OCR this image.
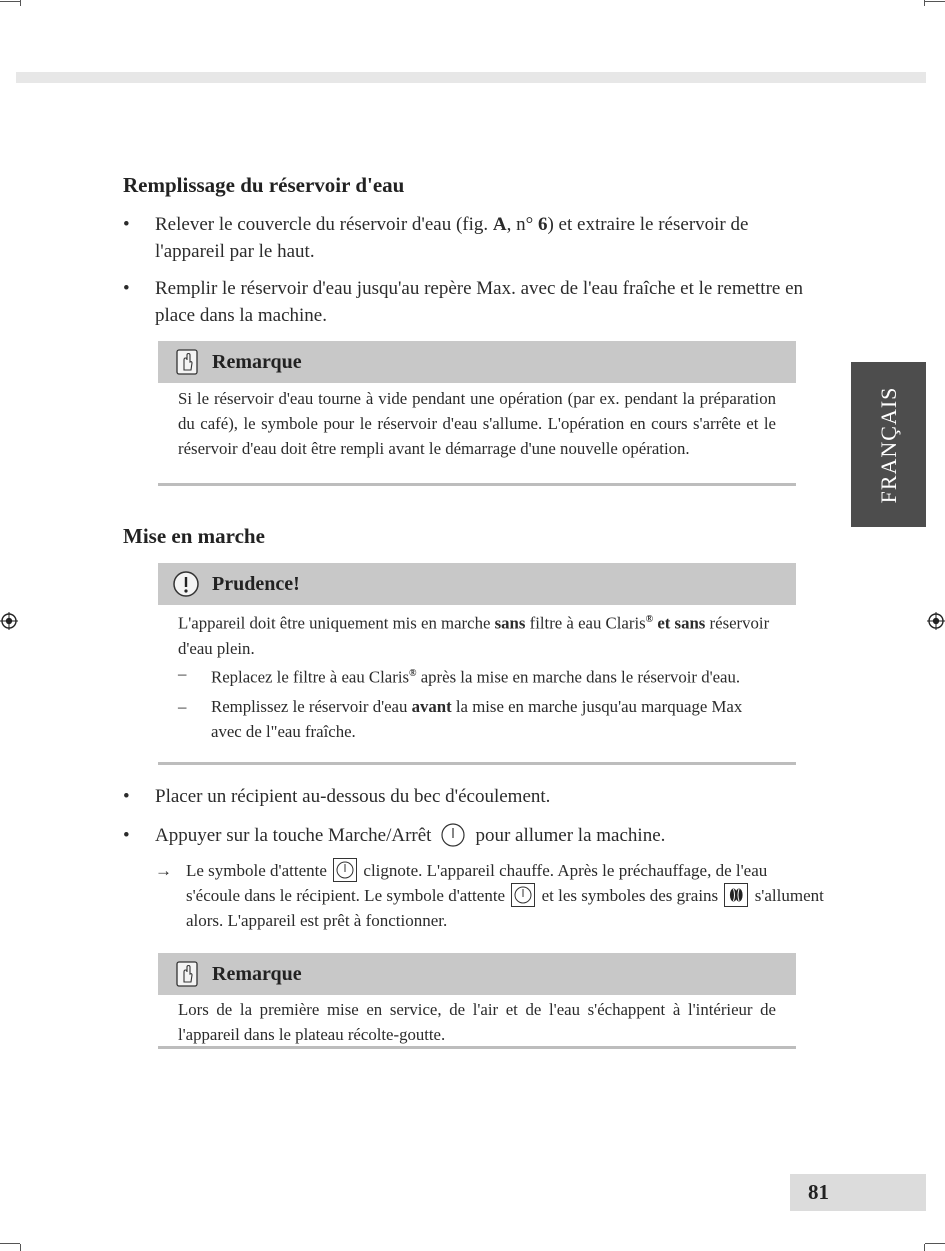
FRANÇAIS
Remplissage du réservoir d'eau
• Relever le couvercle du réservoir d'eau (fig. A, n° 6) et extraire le réservoir de l'appareil par le haut.
• Remplir le réservoir d'eau jusqu'au repère Max. avec de l'eau fraîche et le remettre en place dans la machine.
Remarque
Si le réservoir d'eau tourne à vide pendant une opération (par ex. pendant la préparation du café), le symbole pour le réservoir d'eau s'allume. L'opération en cours s'arrête et le réservoir d'eau doit être rempli avant le démarrage d'une nouvelle opération.
Mise en marche
Prudence!
L'appareil doit être uniquement mis en marche sans filtre à eau Claris® et sans réservoir d'eau plein.
– Replacez le filtre à eau Claris® après la mise en marche dans le réservoir d'eau.
– Remplissez le réservoir d'eau avant la mise en marche jusqu'au marquage Max avec de l"eau fraîche.
• Placer un récipient au-dessous du bec d'écoulement.
• Appuyer sur la touche Marche/Arrêt pour allumer la machine.
→ Le symbole d'attente clignote. L'appareil chauffe. Après le préchauffage, de l'eau s'écoule dans le récipient. Le symbole d'attente et les symboles des grains s'allument alors. L'appareil est prêt à fonctionner.
Remarque
Lors de la première mise en service, de l'air et de l'eau s'échappent à l'intérieur de l'appareil dans le plateau récolte-goutte.
81
